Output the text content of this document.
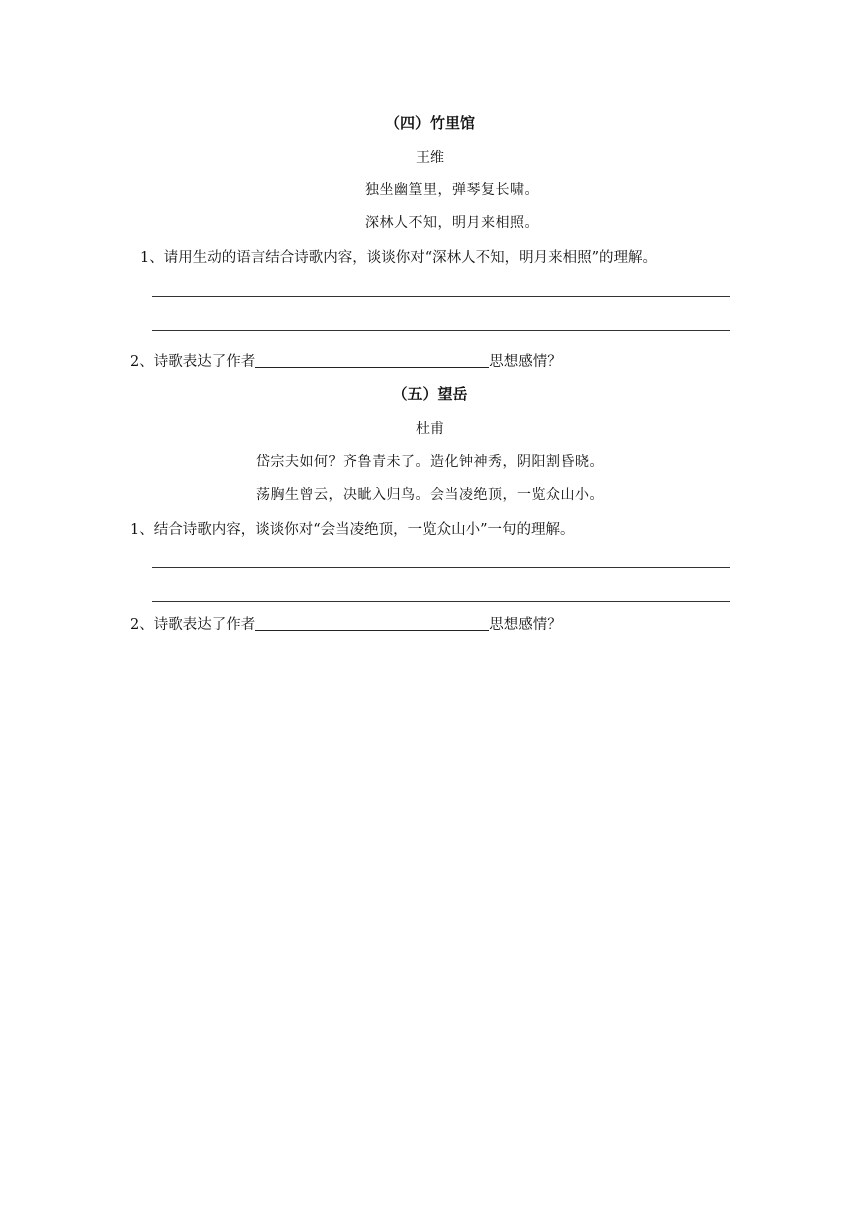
（四）竹里馆
王维
独坐幽篁里，弹琴复长啸。
深林人不知，明月来相照。
1、请用生动的语言结合诗歌内容，谈谈你对“深林人不知，明月来相照”的理解。
2、诗歌表达了作者	思想感情？
（五）望岳
杜甫
岱宗夫如何？齐鲁青未了。造化钟神秀，阴阳割昏晓。
荡胸生曾云，决眦入归鸟。会当凌绝顶，一览众山小。
1、结合诗歌内容，谈谈你对“会当凌绝顶，一览众山小”一句的理解。
2、诗歌表达了作者	思想感情？
